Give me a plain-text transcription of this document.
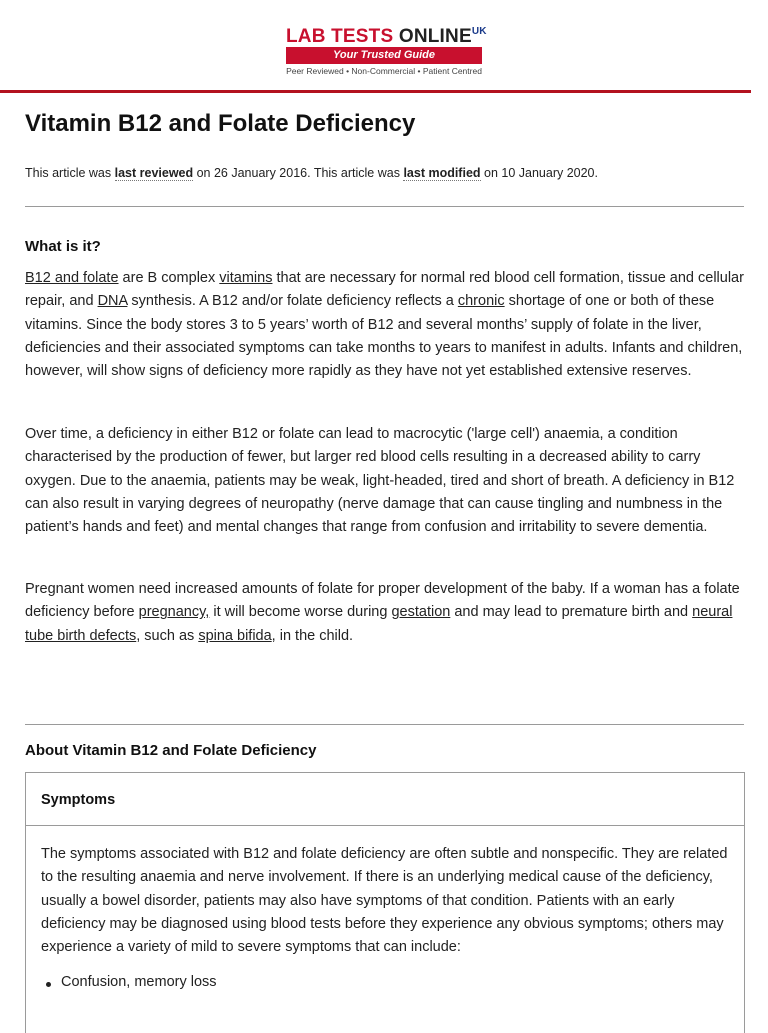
LAB TESTS $ONLINE^{UK}$
Your Trusted Guide
Peer Reviewed • Non-Commercial • Patient Centred
Vitamin B12 and Folate Deficiency
This article was last reviewed on 26 January 2016. This article was last modified on 10 January 2020.
What is it?

B12 and folate are B complex vitamins that are necessary for normal red blood cell formation, tissue and cellular repair, and DNA synthesis. A B12 and/or folate deficiency reflects a chronic shortage of one or both of these vitamins. Since the body stores 3 to 5 years’ worth of B12 and several months’ supply of folate in the liver, deficiencies and their associated symptoms can take months to years to manifest in adults. Infants and children, however, will show signs of deficiency more rapidly as they have not yet established extensive reserves.

Over time, a deficiency in either B12 or folate can lead to macrocytic ('large cell') anaemia, a condition characterised by the production of fewer, but larger red blood cells resulting in a decreased ability to carry oxygen. Due to the anaemia, patients may be weak, light-headed, tired and short of breath. A deficiency in B12 can also result in varying degrees of neuropathy (nerve damage that can cause tingling and numbness in the patient’s hands and feet) and mental changes that range from confusion and irritability to severe dementia.

Pregnant women need increased amounts of folate for proper development of the baby. If a woman has a folate deficiency before pregnancy, it will become worse during gestation and may lead to premature birth and neural tube birth defects, such as spina bifida, in the child.

About Vitamin B12 and Folate Deficiency
Symptoms

The symptoms associated with B12 and folate deficiency are often subtle and nonspecific. They are related to the resulting anaemia and nerve involvement. If there is an underlying medical cause of the deficiency, usually a bowel disorder, patients may also have symptoms of that condition. Patients with an early deficiency may be diagnosed using blood tests before they experience any obvious symptoms; others may experience a variety of mild to severe symptoms that can include:

Confusion, memory loss
